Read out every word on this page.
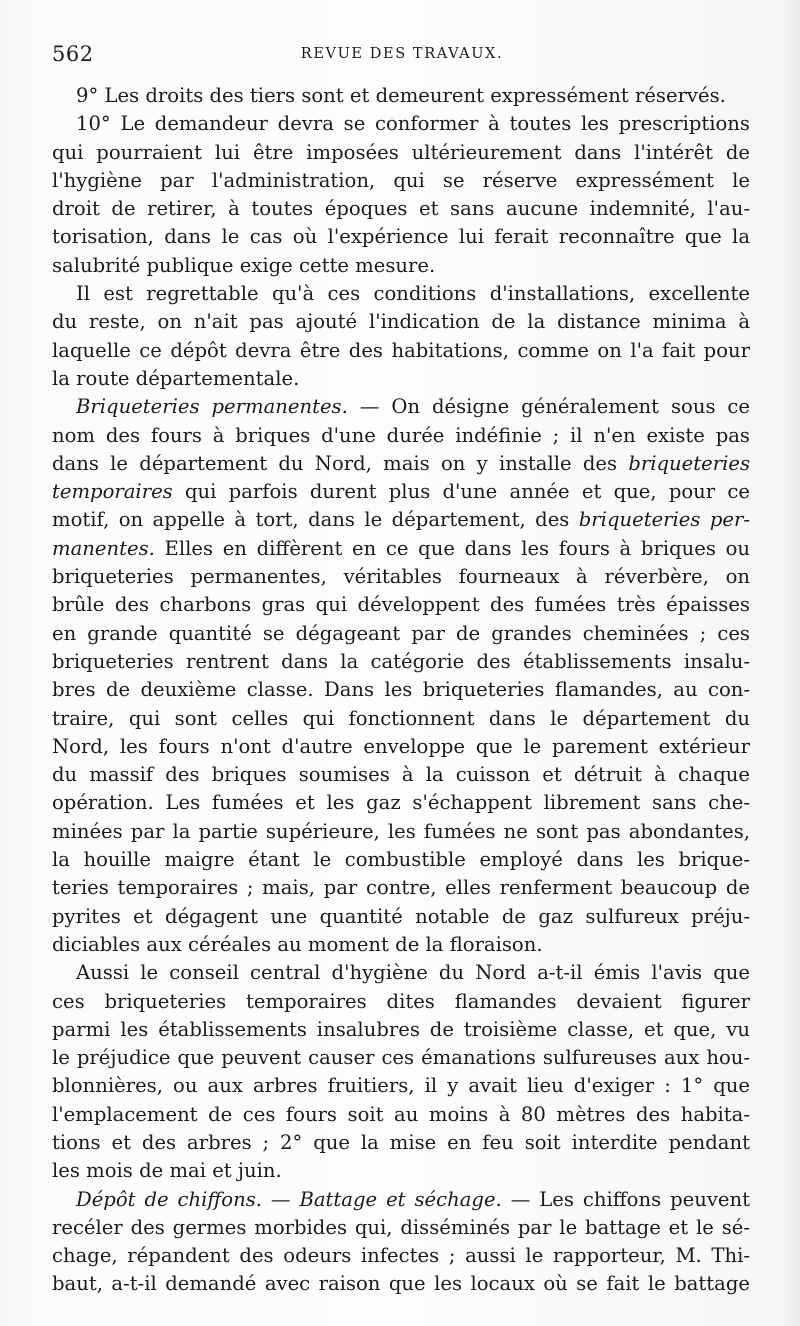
562	REVUE DES TRAVAUX.
9° Les droits des tiers sont et demeurent expressément réservés.
10° Le demandeur devra se conformer à toutes les prescriptions
qui pourraient lui être imposées ultérieurement dans l'intérêt de
l'hygiène par l'administration, qui se réserve expressément le
droit de retirer, à toutes époques et sans aucune indemnité, l'au-
torisation, dans le cas où l'expérience lui ferait reconnaître que la
salubrité publique exige cette mesure.
Il est regrettable qu'à ces conditions d'installations, excellente
du reste, on n'ait pas ajouté l'indication de la distance minima à
laquelle ce dépôt devra être des habitations, comme on l'a fait pour
la route départementale.
Briqueteries permanentes. — On désigne généralement sous ce
nom des fours à briques d'une durée indéfinie ; il n'en existe pas
dans le département du Nord, mais on y installe des briqueteries
temporaires qui parfois durent plus d'une année et que, pour ce
motif, on appelle à tort, dans le département, des briqueteries per-
manentes. Elles en diffèrent en ce que dans les fours à briques ou
briqueteries permanentes, véritables fourneaux à réverbère, on
brûle des charbons gras qui développent des fumées très épaisses
en grande quantité se dégageant par de grandes cheminées ; ces
briqueteries rentrent dans la catégorie des établissements insalu-
bres de deuxième classe. Dans les briqueteries flamandes, au con-
traire, qui sont celles qui fonctionnent dans le département du
Nord, les fours n'ont d'autre enveloppe que le parement extérieur
du massif des briques soumises à la cuisson et détruit à chaque
opération. Les fumées et les gaz s'échappent librement sans che-
minées par la partie supérieure, les fumées ne sont pas abondantes,
la houille maigre étant le combustible employé dans les brique-
teries temporaires ; mais, par contre, elles renferment beaucoup de
pyrites et dégagent une quantité notable de gaz sulfureux préju-
diciables aux céréales au moment de la floraison.
Aussi le conseil central d'hygiène du Nord a-t-il émis l'avis que
ces briqueteries temporaires dites flamandes devaient figurer
parmi les établissements insalubres de troisième classe, et que, vu
le préjudice que peuvent causer ces émanations sulfureuses aux hou-
blonnières, ou aux arbres fruitiers, il y avait lieu d'exiger : 1° que
l'emplacement de ces fours soit au moins à 80 mètres des habita-
tions et des arbres ; 2° que la mise en feu soit interdite pendant
les mois de mai et juin.
Dépôt de chiffons. — Battage et séchage. — Les chiffons peuvent
recéler des germes morbides qui, disséminés par le battage et le sé-
chage, répandent des odeurs infectes ; aussi le rapporteur, M. Thi-
baut, a-t-il demandé avec raison que les locaux où se fait le battage
